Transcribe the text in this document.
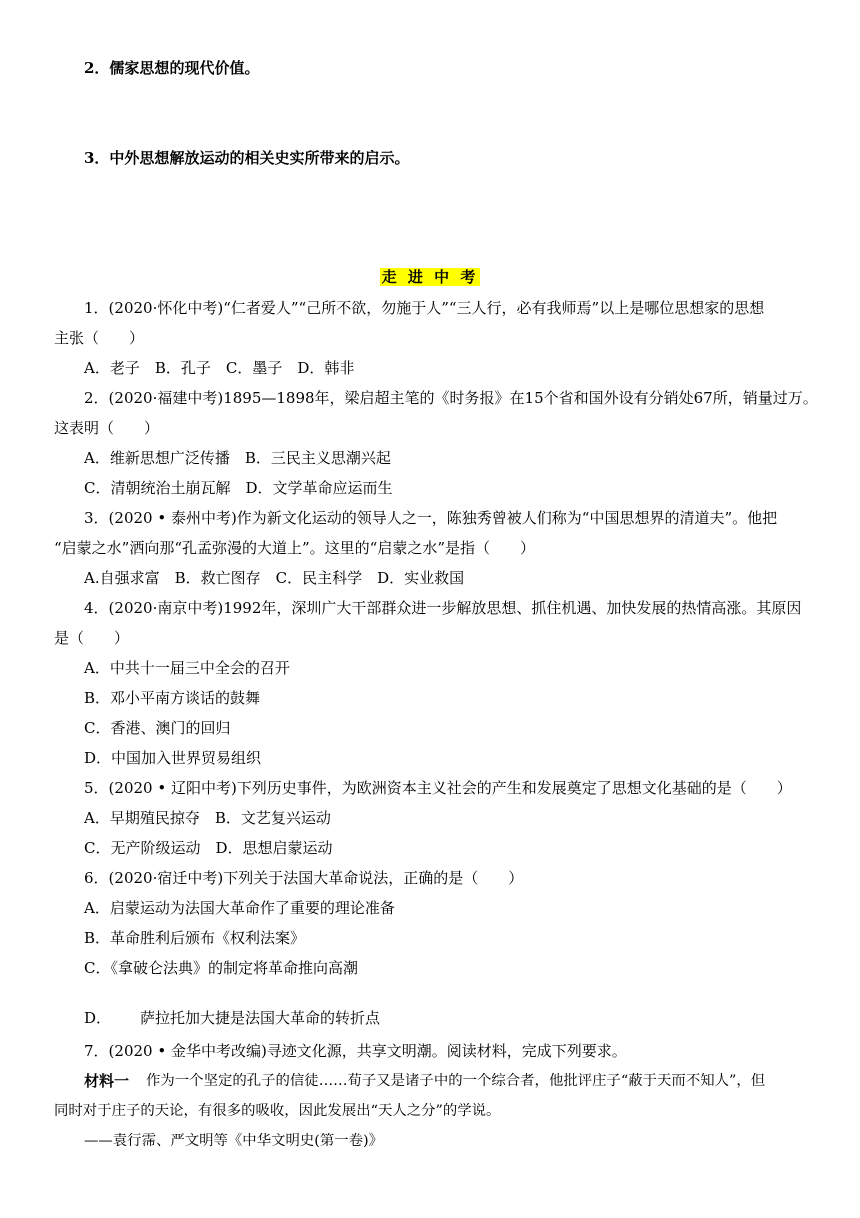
2．儒家思想的现代价值。
3．中外思想解放运动的相关史实所带来的启示。
走 进 中 考
1．(2020·怀化中考)“仁者爱人”“己所不欲，勿施于人”“三人行，必有我师焉”以上是哪位思想家的思想
主张（　　）
A．老子　B．孔子　C．墨子　D．韩非
2．(2020·福建中考)1895—1898年，梁启超主笔的《时务报》在15个省和国外设有分销处67所，销量过万。
这表明（　　）
A．维新思想广泛传播　B．三民主义思潮兴起
C．清朝统治土崩瓦解　D．文学革命应运而生
3．(2020 • 泰州中考)作为新文化运动的领导人之一，陈独秀曾被人们称为“中国思想界的清道夫”。他把
“启蒙之水”洒向那“孔孟弥漫的大道上”。这里的“启蒙之水”是指（　　）
A.自强求富　B．救亡图存　C．民主科学　D．实业救国
4．(2020·南京中考)1992年，深圳广大干部群众进一步解放思想、抓住机遇、加快发展的热情高涨。其原因
是（　　）
A．中共十一届三中全会的召开
B．邓小平南方谈话的鼓舞
C．香港、澳门的回归
D．中国加入世界贸易组织
5．(2020 • 辽阳中考)下列历史事件，为欧洲资本主义社会的产生和发展奠定了思想文化基础的是（　　）
A．早期殖民掠夺　B．文艺复兴运动
C．无产阶级运动　D．思想启蒙运动
6．(2020·宿迁中考)下列关于法国大革命说法，正确的是（　　）
A．启蒙运动为法国大革命作了重要的理论准备
B．革命胜利后颁布《权利法案》
C．《拿破仑法典》的制定将革命推向高潮
D． 萨拉托加大捷是法国大革命的转折点
7．(2020 • 金华中考改编)寻迹文化源，共享文明潮。阅读材料，完成下列要求。
材料一 作为一个坚定的孔子的信徒……荀子又是诸子中的一个综合者，他批评庄子“蔽于天而不知人”，但
同时对于庄子的天论，有很多的吸收，因此发展出“天人之分”的学说。
——袁行霈、严文明等《中华文明史(第一卷)》
